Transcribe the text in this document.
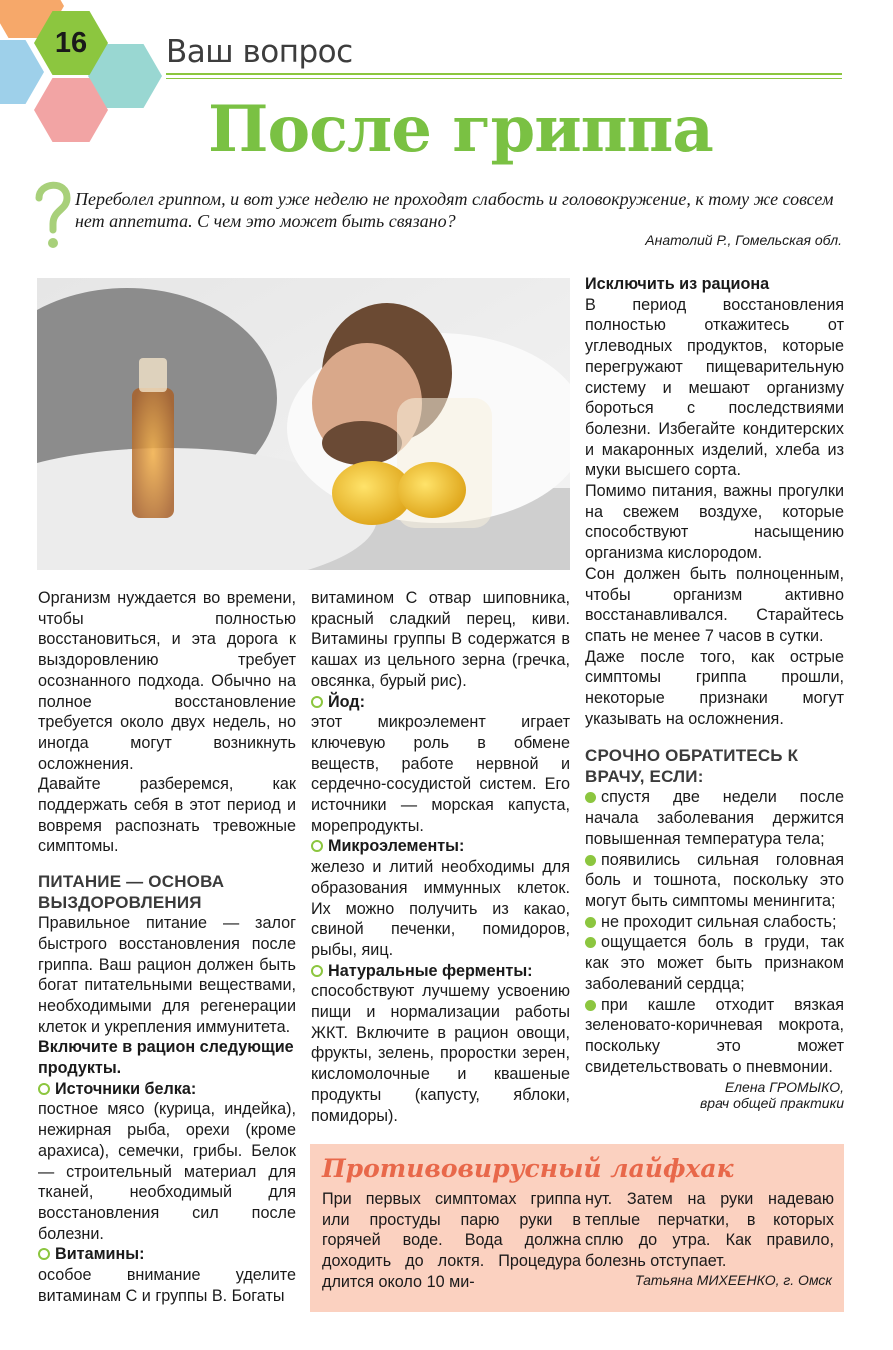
16	Ваш вопрос
После гриппа
Переболел гриппом, и вот уже неделю не проходят слабость и головокружение, к тому же совсем нет аппетита. С чем это может быть связано?
Анатолий Р., Гомельская обл.

Организм нуждается во времени, чтобы полностью восстановиться, и эта дорога к выздоровлению требует осознанного подхода. Обычно на полное восстановление требуется около двух недель, но иногда могут возникнуть осложнения.

Давайте разберемся, как поддержать себя в этот период и вовремя распознать тревожные симптомы.

ПИТАНИЕ — ОСНОВА ВЫЗДОРОВЛЕНИЯ

Правильное питание — залог быстрого восстановления после гриппа. Ваш рацион должен быть богат питательными веществами, необходимыми для регенерации клеток и укрепления иммунитета.

Включите в рацион следующие продукты.
Источники белка:

постное мясо (курица, индейка), нежирная рыба, орехи (кроме арахиса), семечки, грибы. Белок — строительный материал для тканей, необходимый для восстановления сил после болезни.

Витамины:

особое внимание уделите витаминам С и группы В. Богаты

витамином С отвар шиповника, красный сладкий перец, киви. Витамины группы В содержатся в кашах из цельного зерна (гречка, овсянка, бурый рис).

Йод:

этот микроэлемент играет ключевую роль в обмене веществ, работе нервной и сердечно-сосудистой систем. Его источники — морская капуста, морепродукты.

Микроэлементы:

железо и литий необходимы для образования иммунных клеток. Их можно получить из какао, свиной печенки, помидоров, рыбы, яиц.

Натуральные ферменты:

способствуют лучшему усвоению пищи и нормализации работы ЖКТ. Включите в рацион овощи, фрукты, зелень, проростки зерен, кисломолочные и квашеные продукты (капусту, яблоки, помидоры).

Исключить из рациона

В период восстановления полностью откажитесь от углеводных продуктов, которые перегружают пищеварительную систему и мешают организму бороться с последствиями болезни. Избегайте кондитерских и макаронных изделий, хлеба из муки высшего сорта.

Помимо питания, важны прогулки на свежем воздухе, которые способствуют насыщению организма кислородом.

Сон должен быть полноценным, чтобы организм активно восстанавливался. Старайтесь спать не менее 7 часов в сутки.

Даже после того, как острые симптомы гриппа прошли, некоторые признаки могут указывать на осложнения.

СРОЧНО ОБРАТИТЕСЬ К ВРАЧУ, ЕСЛИ:

спустя две недели после начала заболевания держится повышенная температура тела;

появились сильная головная боль и тошнота, поскольку это могут быть симптомы менингита;

не проходит сильная слабость;

ощущается боль в груди, так как это может быть признаком заболеваний сердца;

при кашле отходит вязкая зеленовато-коричневая мокрота, поскольку это может свидетельствовать о пневмонии.

Елена ГРОМЫКО,
врач общей практики
Противовирусный лайфхак
При первых симптомах гриппа или простуды парю руки в горячей воде. Вода должна доходить до локтя. Процедура длится около 10 ми-
нут. Затем на руки надеваю теплые перчатки, в которых сплю до утра. Как правило, болезнь отступает.
Татьяна МИХЕЕНКО, г. Омск
